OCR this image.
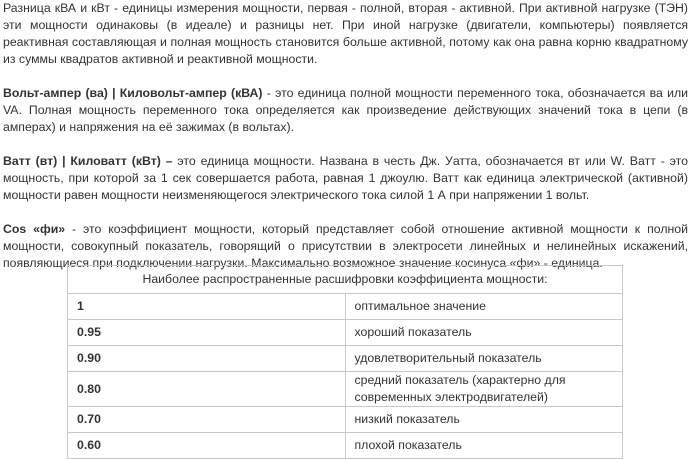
Разница кВА и кВт - единицы измерения мощности, первая - полной, вторая - активной. При активной нагрузке (ТЭН) эти мощности одинаковы (в идеале) и разницы нет. При иной нагрузке (двигатели, компьютеры) появляется реактивная составляющая и полная мощность становится больше активной, потому как она равна корню квадратному из суммы квадратов активной и реактивной мощности.

Вольт-ампер (ва) | Киловольт-ампер (кВА) - это единица полной мощности переменного тока, обозначается ва или VA. Полная мощность переменного тока определяется как произведение действующих значений тока в цепи (в амперах) и напряжения на её зажимах (в вольтах).

Ватт (вт) | Киловатт (кВт) – это единица мощности. Названа в честь Дж. Уатта, обозначается вт или W. Ватт - это мощность, при которой за 1 сек совершается работа, равная 1 джоулю. Ватт как единица электрической (активной) мощности равен мощности неизменяющегося электрического тока силой 1 А при напряжении 1 вольт.

Cos «фи» - это коэффициент мощности, который представляет собой отношение активной мощности к полной мощности, совокупный показатель, говорящий о присутствии в электросети линейных и нелинейных искажений, появляющиеся при подключении нагрузки. Максимально возможное значение косинуса «фи» - единица.

Наиболее распространенные расшифровки коэффициента мощности:	
1	оптимальное значение
0.95	хороший показатель
0.90	удовлетворительный показатель
0.80	средний показатель (характерно для современных электродвигателей)
0.70	низкий показатель
0.60	плохой показатель
